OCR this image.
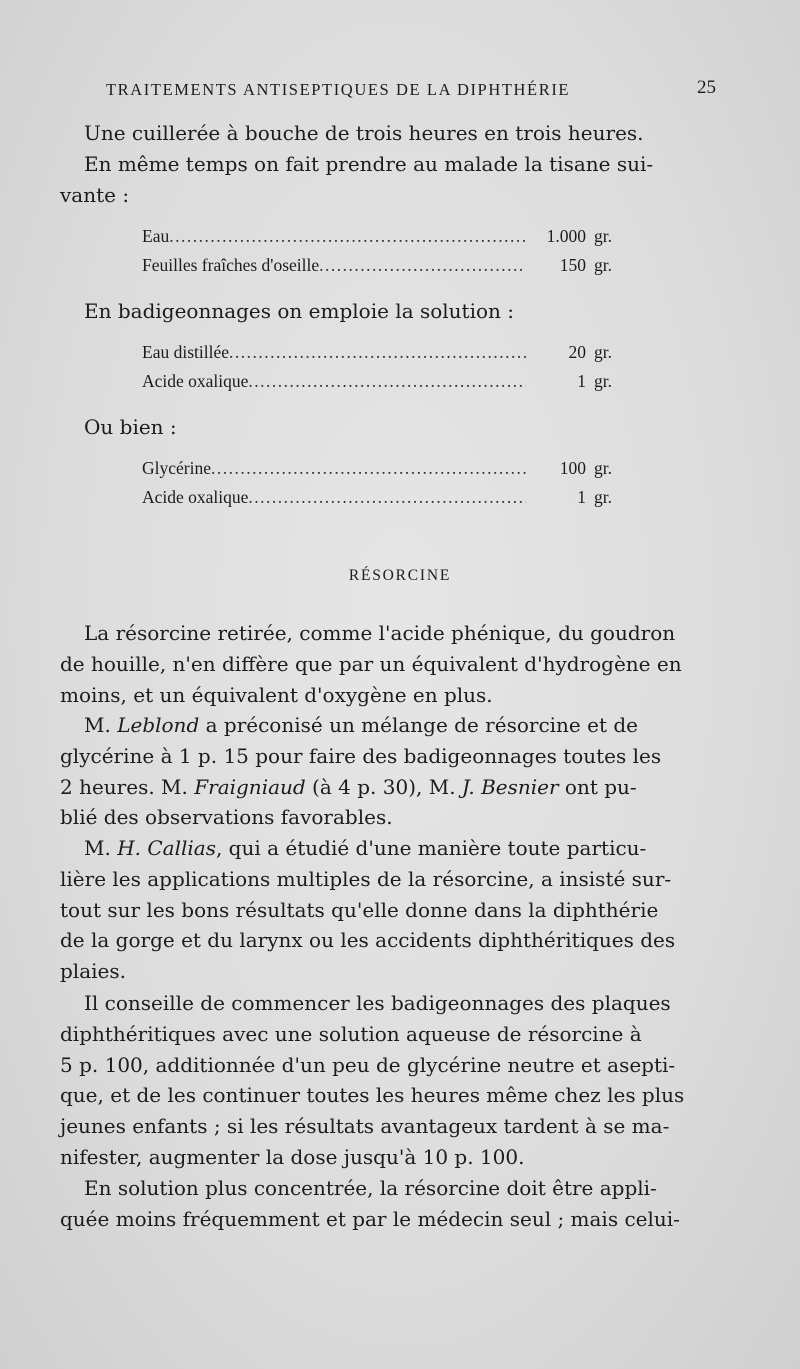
TRAITEMENTS ANTISEPTIQUES DE LA DIPHTHÉRIE	25
Une cuillerée à bouche de trois heures en trois heures.
En même temps on fait prendre au malade la tisane sui-
vante :
Eau .....	1.000 gr.
Feuilles fraîches d'oseille .....	150 gr.
En badigeonnages on emploie la solution :
Eau distillée .....	20 gr.
Acide oxalique .....	1 gr.
Ou bien :
Glycérine .....	100 gr.
Acide oxalique .....	1 gr.
RÉSORCINE
La résorcine retirée, comme l'acide phénique, du goudron
de houille, n'en diffère que par un équivalent d'hydrogène en
moins, et un équivalent d'oxygène en plus.
M. Leblond a préconisé un mélange de résorcine et de
glycérine à 1 p. 15 pour faire des badigeonnages toutes les
2 heures. M. Fraigniaud (à 4 p. 30), M. J. Besnier ont pu-
blié des observations favorables.
M. H. Callias, qui a étudié d'une manière toute particu-
lière les applications multiples de la résorcine, a insisté sur-
tout sur les bons résultats qu'elle donne dans la diphthérie
de la gorge et du larynx ou les accidents diphthéritiques des
plaies.
Il conseille de commencer les badigeonnages des plaques
diphthéritiques avec une solution aqueuse de résorcine à
5 p. 100, additionnée d'un peu de glycérine neutre et asepti-
que, et de les continuer toutes les heures même chez les plus
jeunes enfants ; si les résultats avantageux tardent à se ma-
nifester, augmenter la dose jusqu'à 10 p. 100.
En solution plus concentrée, la résorcine doit être appli-
quée moins fréquemment et par le médecin seul ; mais celui-
